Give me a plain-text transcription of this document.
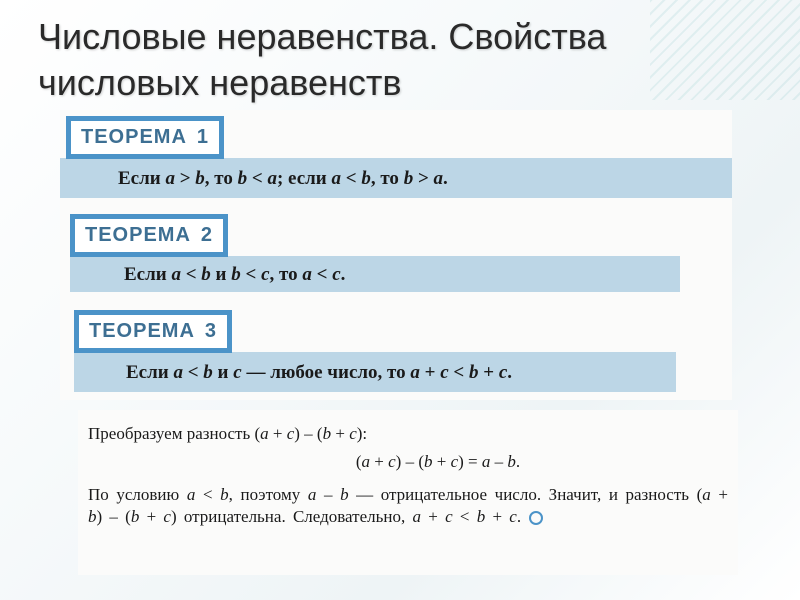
Числовые неравенства. Свойства
числовых неравенств
Если a > b, то b < a; если a < b, то b > a.
ТЕОРЕМА 1
Если a < b и b < c, то a < c.
ТЕОРЕМА 2
Если a < b и c — любое число, то a + c < b + c.
ТЕОРЕМА 3

Преобразуем разность (a + c) – (b + c):

(a + c) – (b + c) = a – b.

По условию a < b, поэтому a – b — отрицательное число. Значит, и разность (a + b) – (b + c) отрицательна. Следовательно, a + c < b + c.
